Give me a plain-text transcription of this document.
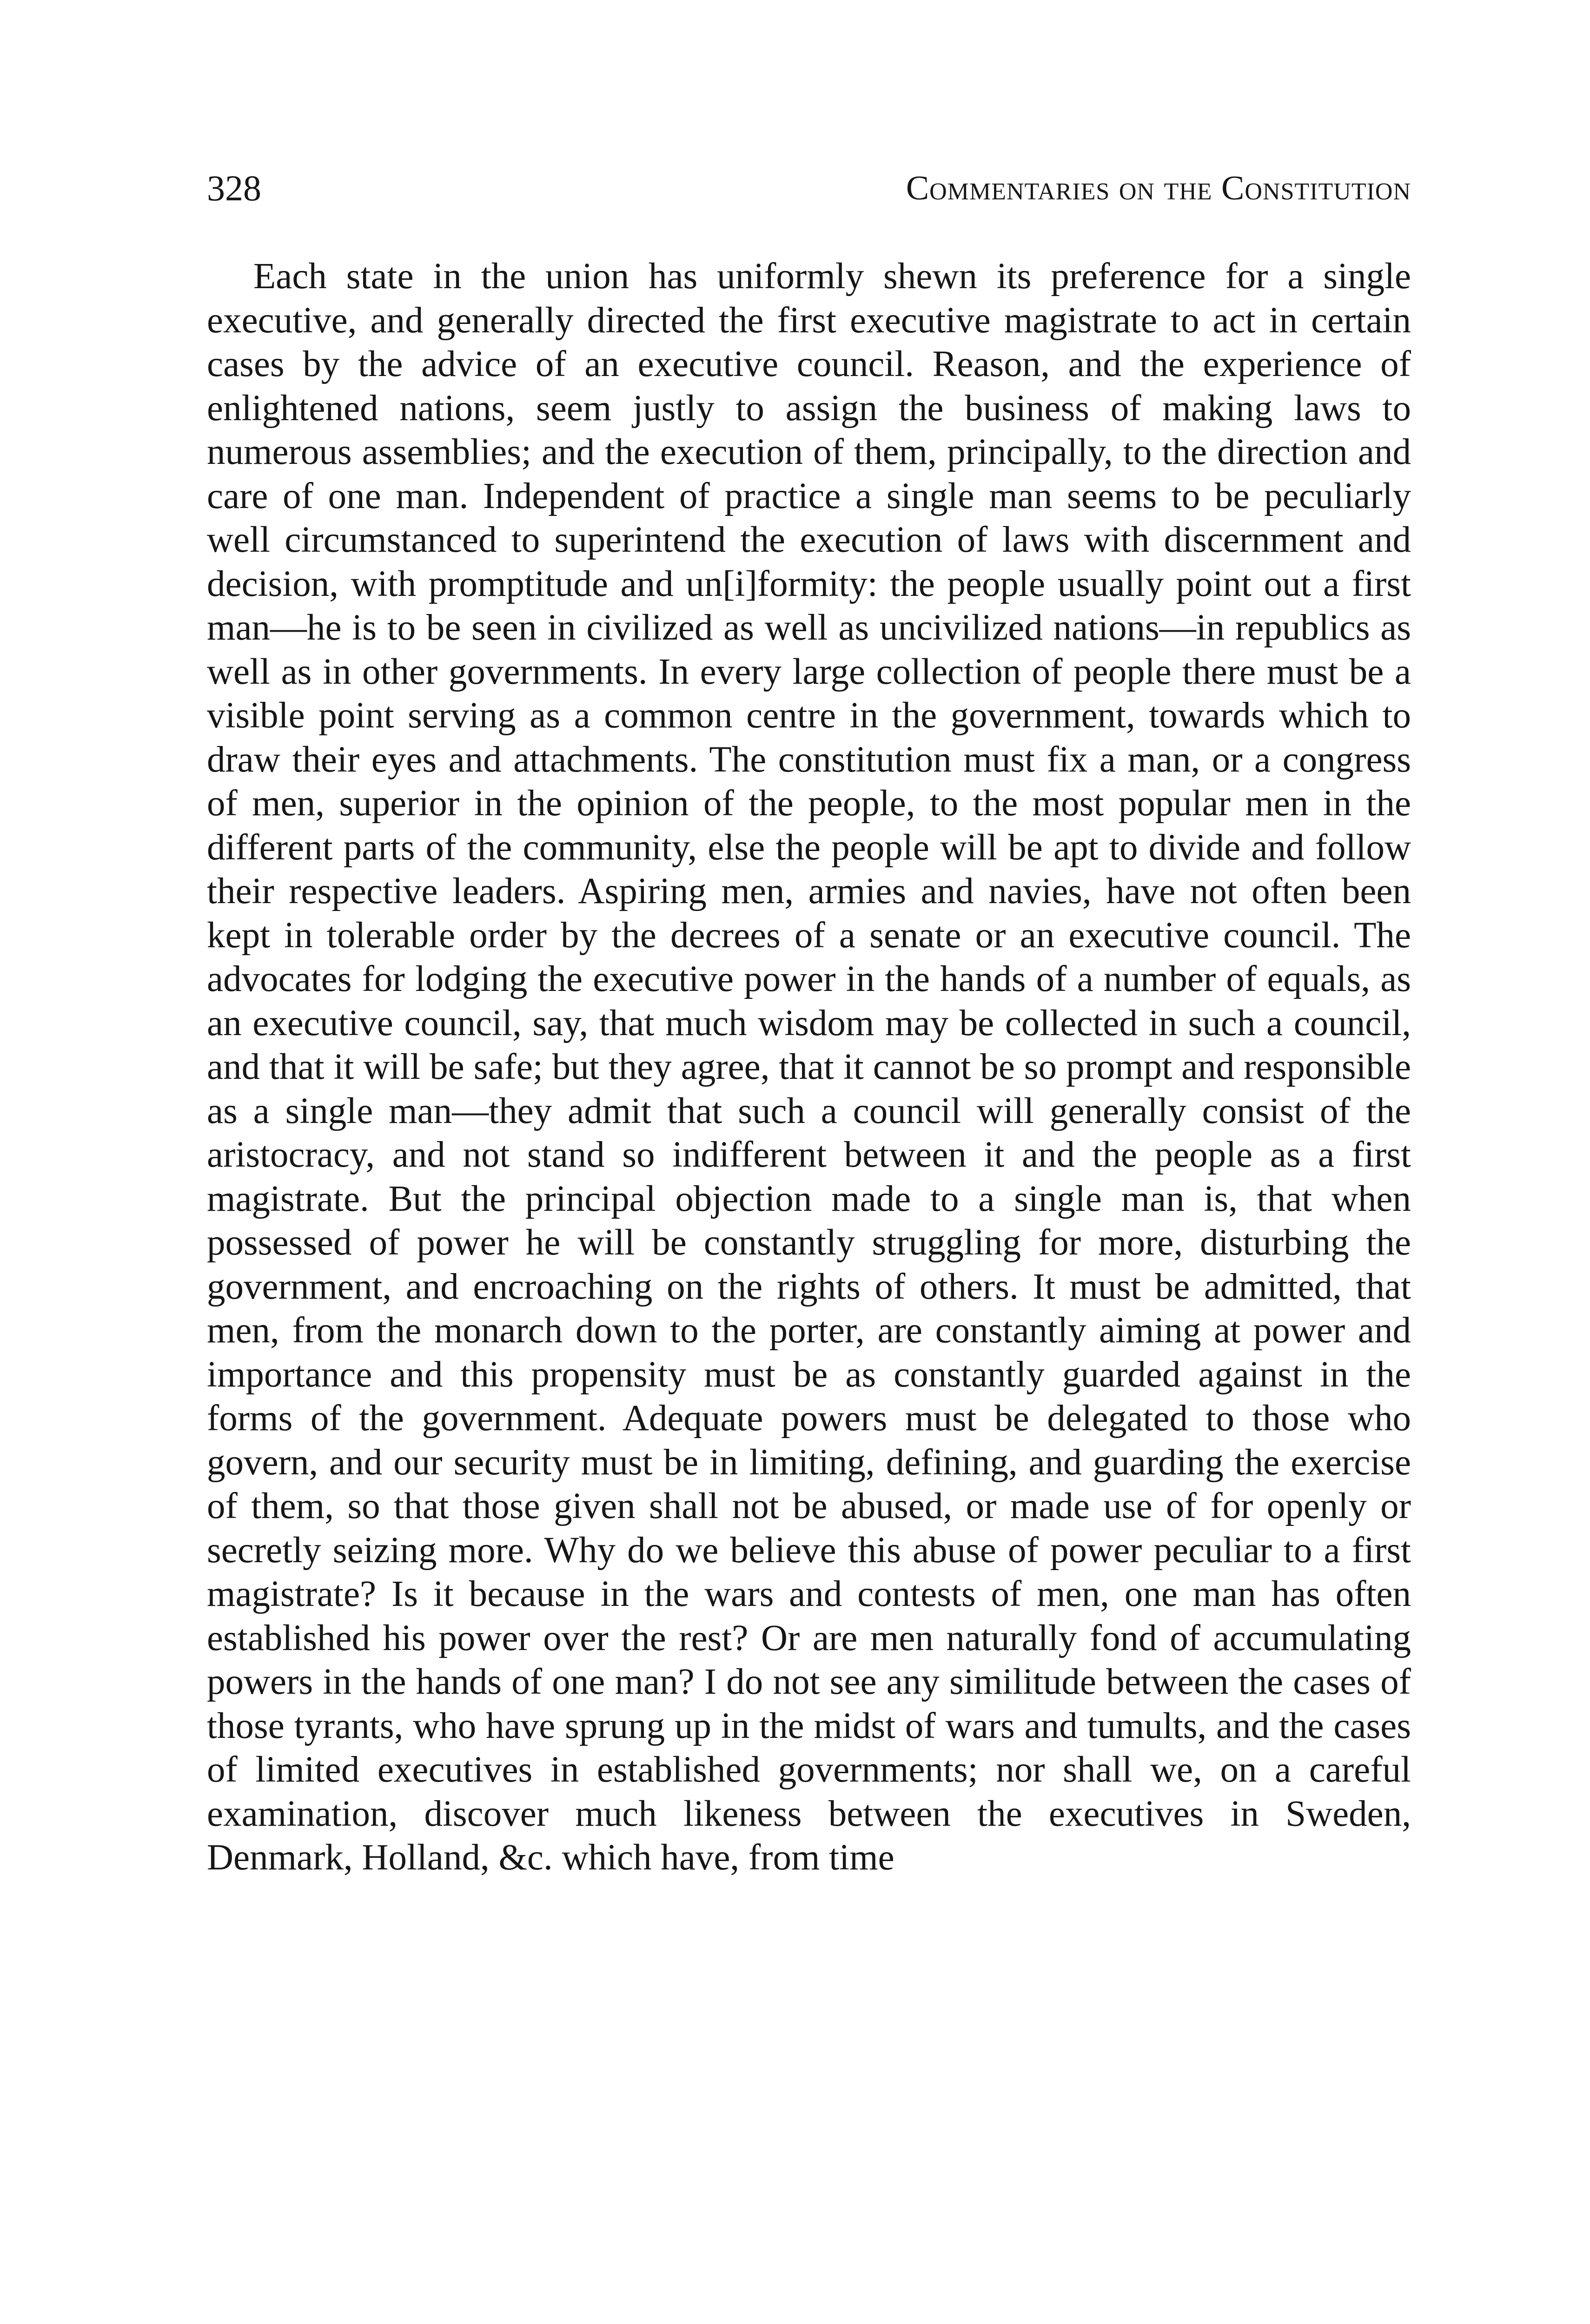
328	Commentaries on the Constitution

Each state in the union has uniformly shewn its preference for a single executive, and generally directed the first executive magistrate to act in certain cases by the advice of an executive council. Reason, and the experience of enlightened nations, seem justly to assign the business of making laws to numerous assemblies; and the execution of them, principally, to the direction and care of one man. Independent of practice a single man seems to be peculiarly well circumstanced to superintend the execution of laws with discernment and decision, with promptitude and un[i]formity: the people usually point out a first man—he is to be seen in civilized as well as uncivilized nations—in republics as well as in other governments. In every large collection of people there must be a visible point serving as a common centre in the government, towards which to draw their eyes and attachments. The constitution must fix a man, or a congress of men, superior in the opinion of the people, to the most popular men in the different parts of the community, else the people will be apt to divide and follow their respective leaders. Aspiring men, armies and navies, have not often been kept in tolerable order by the decrees of a senate or an executive council. The advocates for lodging the executive power in the hands of a number of equals, as an executive council, say, that much wisdom may be collected in such a council, and that it will be safe; but they agree, that it cannot be so prompt and responsible as a single man—they admit that such a council will generally consist of the aristocracy, and not stand so indifferent between it and the people as a first magistrate. But the principal objection made to a single man is, that when possessed of power he will be constantly struggling for more, disturbing the government, and encroaching on the rights of others. It must be admitted, that men, from the monarch down to the porter, are constantly aiming at power and importance and this propensity must be as constantly guarded against in the forms of the government. Adequate powers must be delegated to those who govern, and our security must be in limiting, defining, and guarding the exercise of them, so that those given shall not be abused, or made use of for openly or secretly seizing more. Why do we believe this abuse of power peculiar to a first magistrate? Is it because in the wars and contests of men, one man has often established his power over the rest? Or are men naturally fond of accumulating powers in the hands of one man? I do not see any similitude between the cases of those tyrants, who have sprung up in the midst of wars and tumults, and the cases of limited executives in established governments; nor shall we, on a careful examination, discover much likeness between the executives in Sweden, Denmark, Holland, &c. which have, from time
